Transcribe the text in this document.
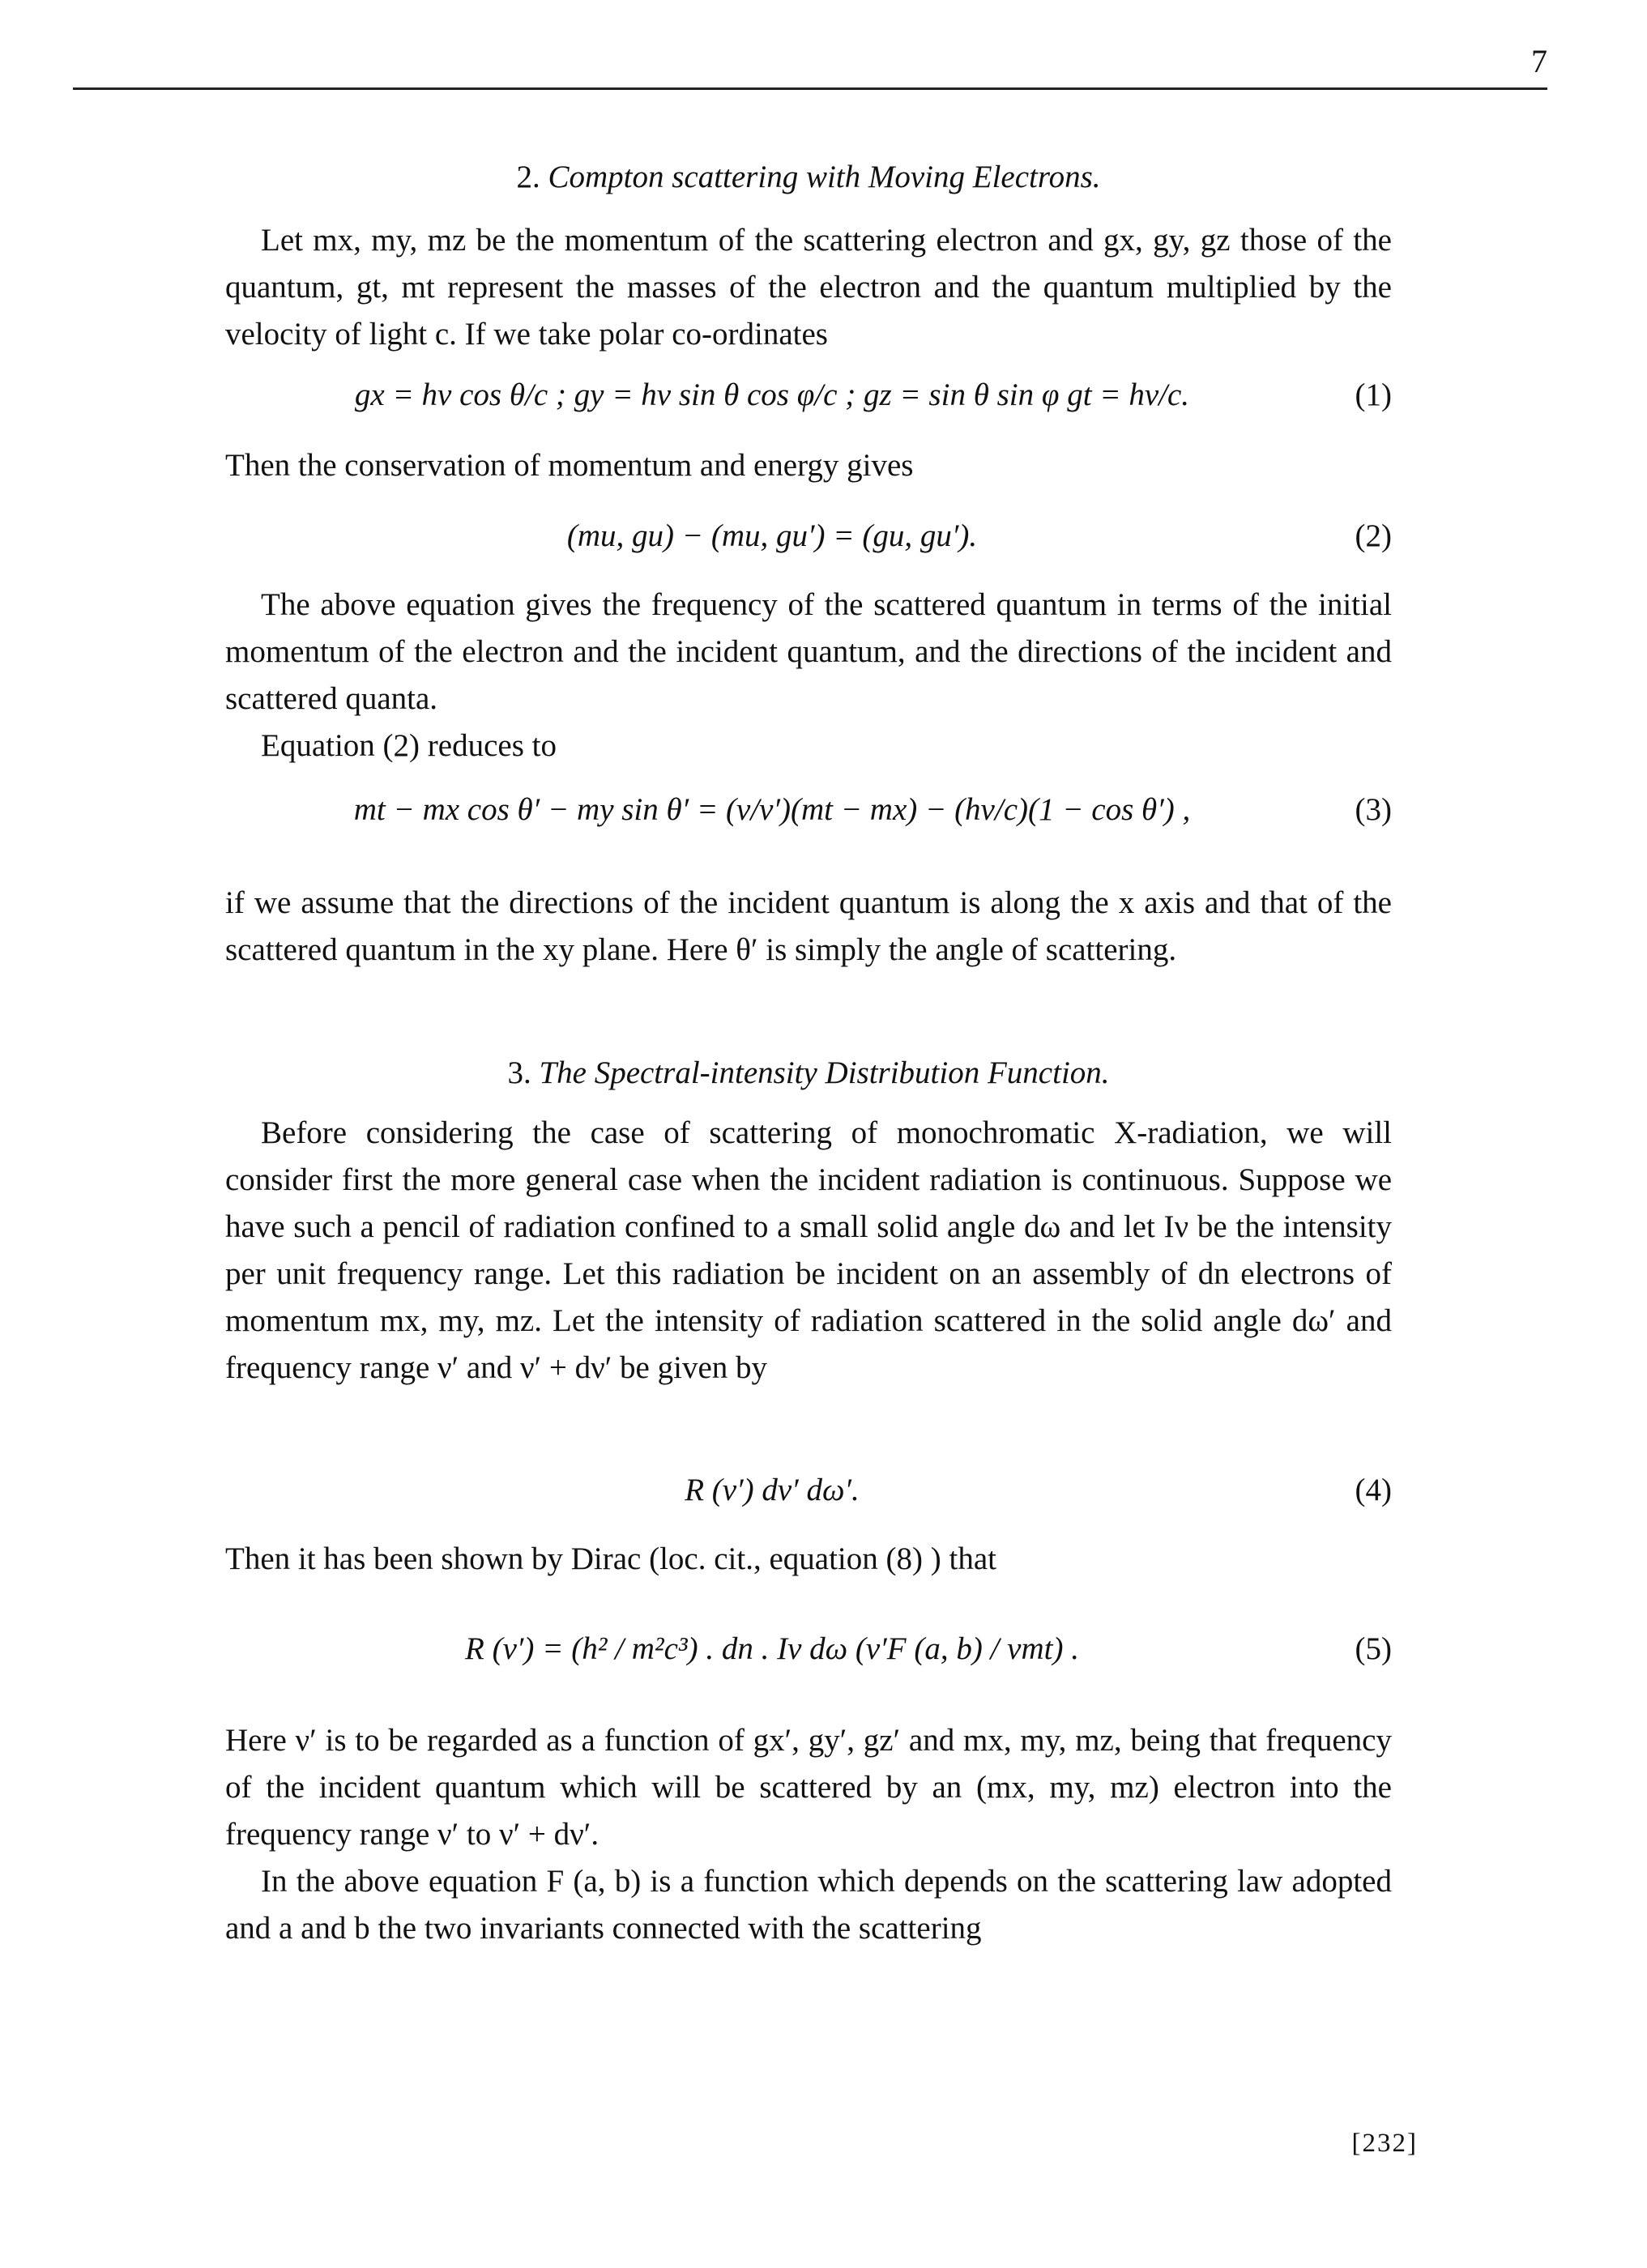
7
2. Compton scattering with Moving Electrons.

Let mx, my, mz be the momentum of the scattering electron and gx, gy, gz those of the quantum, gt, mt represent the masses of the electron and the quantum multiplied by the velocity of light c. If we take polar co-ordinates

gx = hν cos θ/c ; gy = hν sin θ cos φ/c ; gz = sin θ sin φ gt = hν/c.	(1)

Then the conservation of momentum and energy gives

(mu, gu) − (mu, gu′) = (gu, gu′).	(2)

The above equation gives the frequency of the scattered quantum in terms of the initial momentum of the electron and the incident quantum, and the directions of the incident and scattered quanta.

Equation (2) reduces to

mt − mx cos θ′ − my sin θ′ = (ν/ν′)(mt − mx) − (hν/c)(1 − cos θ′) ,	(3)

if we assume that the directions of the incident quantum is along the x axis and that of the scattered quantum in the xy plane. Here θ′ is simply the angle of scattering.

3. The Spectral-intensity Distribution Function.

Before considering the case of scattering of monochromatic X-radiation, we will consider first the more general case when the incident radiation is continuous. Suppose we have such a pencil of radiation confined to a small solid angle dω and let Iν be the intensity per unit frequency range. Let this radiation be incident on an assembly of dn electrons of momentum mx, my, mz. Let the intensity of radiation scattered in the solid angle dω′ and frequency range ν′ and ν′ + dν′ be given by

R (ν′) dν′ dω′.	(4)

Then it has been shown by Dirac (loc. cit., equation (8) ) that

R (ν′) = (h² / m²c³) . dn . Iν dω (ν′F (a, b) / νmt) .	(5)

Here ν′ is to be regarded as a function of gx′, gy′, gz′ and mx, my, mz, being that frequency of the incident quantum which will be scattered by an (mx, my, mz) electron into the frequency range ν′ to ν′ + dν′.

In the above equation F (a, b) is a function which depends on the scattering law adopted and a and b the two invariants connected with the scattering

[232]
